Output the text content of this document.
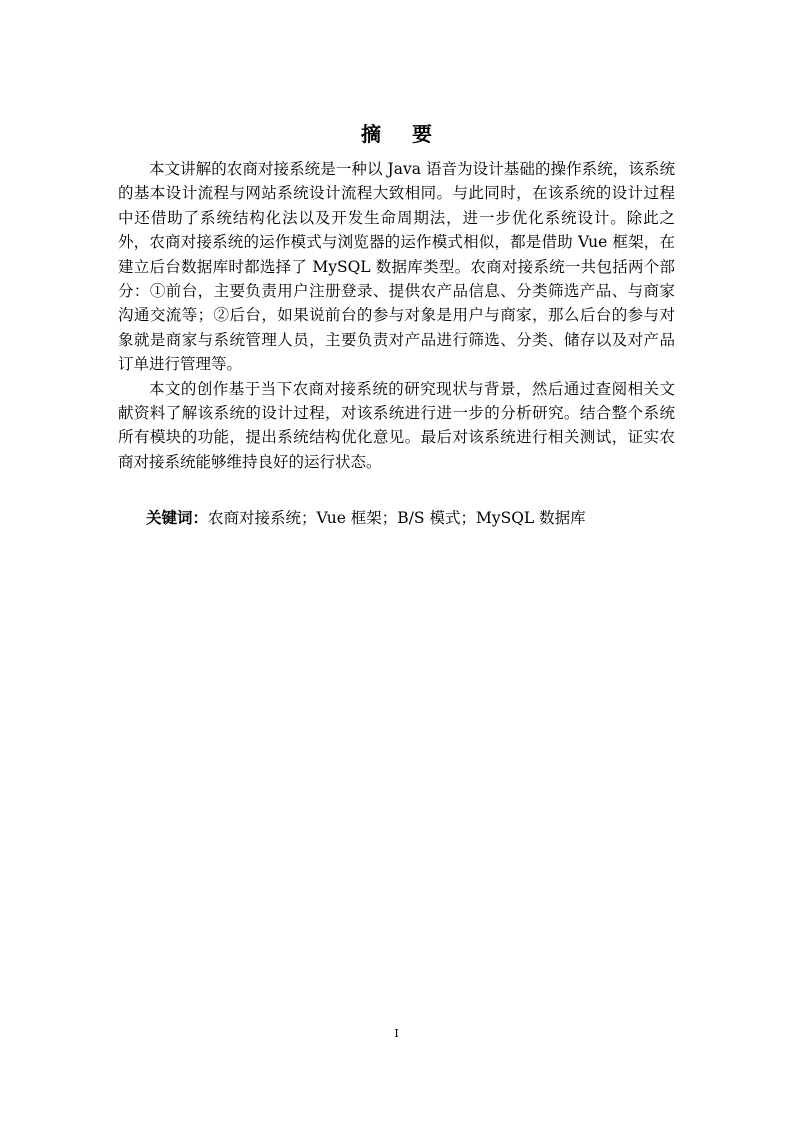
摘 要

本文讲解的农商对接系统是一种以 Java 语音为设计基础的操作系统，该系统的基本设计流程与网站系统设计流程大致相同。与此同时，在该系统的设计过程中还借助了系统结构化法以及开发生命周期法，进一步优化系统设计。除此之外，农商对接系统的运作模式与浏览器的运作模式相似，都是借助 Vue 框架，在建立后台数据库时都选择了 MySQL 数据库类型。农商对接系统一共包括两个部分：①前台，主要负责用户注册登录、提供农产品信息、分类筛选产品、与商家沟通交流等；②后台，如果说前台的参与对象是用户与商家，那么后台的参与对象就是商家与系统管理人员，主要负责对产品进行筛选、分类、储存以及对产品订单进行管理等。

本文的创作基于当下农商对接系统的研究现状与背景，然后通过查阅相关文献资料了解该系统的设计过程，对该系统进行进一步的分析研究。结合整个系统所有模块的功能，提出系统结构优化意见。最后对该系统进行相关测试，证实农商对接系统能够维持良好的运行状态。

关键词：农商对接系统；Vue 框架；B/S 模式；MySQL 数据库
I
